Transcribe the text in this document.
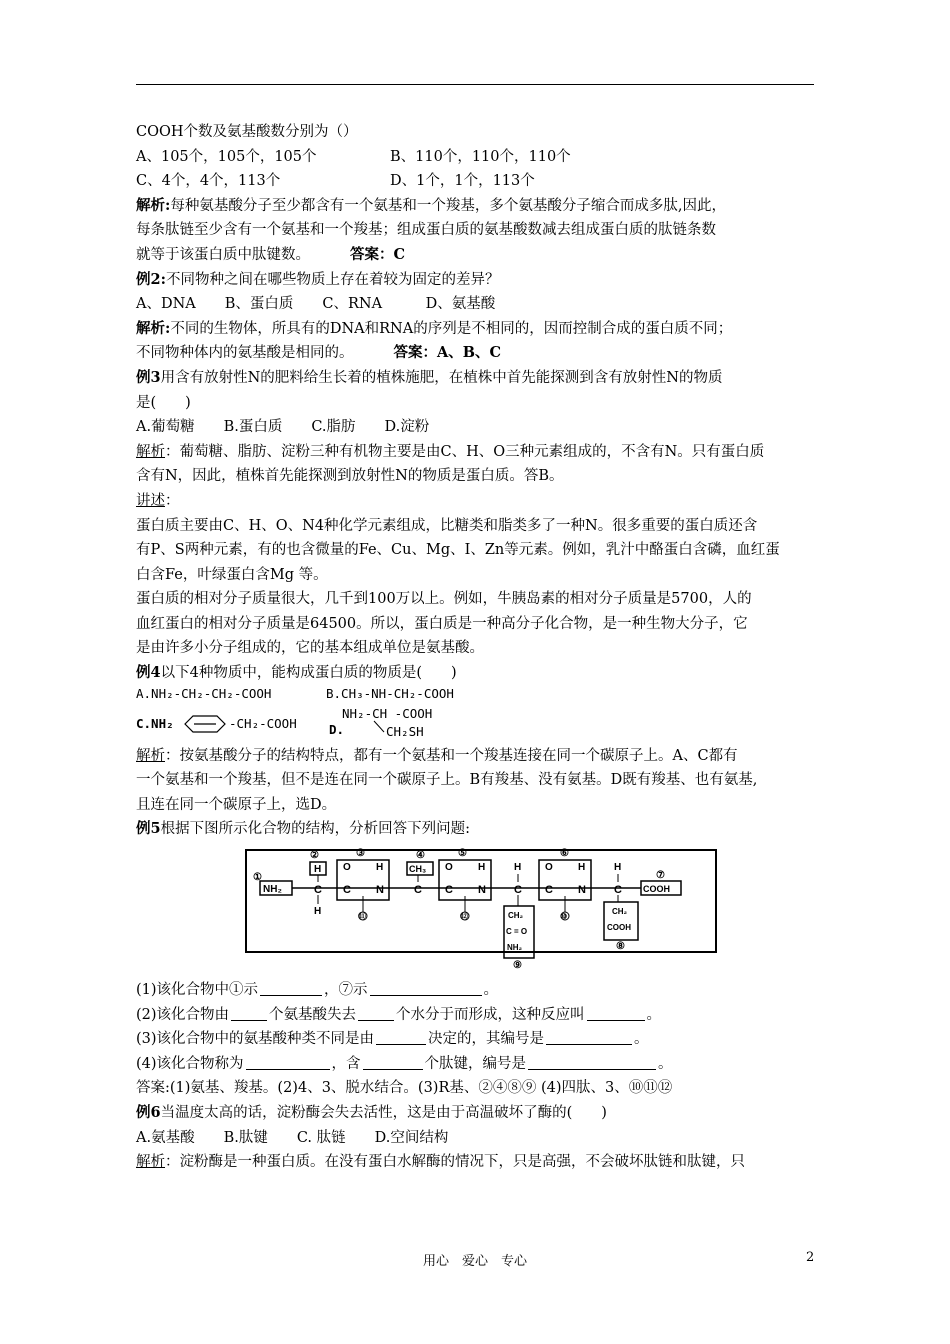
COOH个数及氨基酸数分别为（）
A、105个，105个，105个	B、110个，110个，110个
C、4个，4个，113个	D、1个，1个，113个
解析:每种氨基酸分子至少都含有一个氨基和一个羧基，多个氨基酸分子缩合而成多肽,因此，
每条肽链至少含有一个氨基和一个羧基；组成蛋白质的氨基酸数减去组成蛋白质的肽链条数
就等于该蛋白质中肽键数。	答案：C
例2:不同物种之间在哪些物质上存在着较为固定的差异？
A、DNA　　B、蛋白质　　C、RNA　　　D、氨基酸
解析:不同的生物体，所具有的DNA和RNA的序列是不相同的，因而控制合成的蛋白质不同；
不同物种体内的氨基酸是相同的。	答案：A、B、C
例3用含有放射性N的肥料给生长着的植株施肥，在植株中首先能探测到含有放射性N的物质
是(　　)
A.葡萄糖　　B.蛋白质　　C.脂肪　　D.淀粉
解析：葡萄糖、脂肪、淀粉三种有机物主要是由C、H、O三种元素组成的，不含有N。只有蛋白质
含有N，因此，植株首先能探测到放射性N的物质是蛋白质。答B。
讲述：
蛋白质主要由C、H、O、N4种化学元素组成，比糖类和脂类多了一种N。很多重要的蛋白质还含
有P、S两种元素，有的也含微量的Fe、Cu、Mg、I、Zn等元素。例如，乳汁中酪蛋白含磷，血红蛋
白含Fe，叶绿蛋白含Mg 等。
蛋白质的相对分子质量很大，几千到100万以上。例如，牛胰岛素的相对分子质量是5700，人的
血红蛋白的相对分子质量是64500。所以，蛋白质是一种高分子化合物，是一种生物大分子，它
是由许多小分子组成的，它的基本组成单位是氨基酸。
例4以下4种物质中，能构成蛋白质的物质是(　　)
A.NH₂-CH₂-CH₂-COOH	B.CH₃-NH-CH₂-COOH
C.NH₂	-CH₂-COOH	D.
NH₂-CH -COOH
CH₂SH
解析：按氨基酸分子的结构特点，都有一个氨基和一个羧基连接在同一个碳原子上。A、C都有
一个氨基和一个羧基，但不是连在同一个碳原子上。B有羧基、没有氨基。D既有羧基、也有氨基,
且连在同一个碳原子上，选D。
例5根据下图所示化合物的结构，分析回答下列问题:
NH₂
①
C
H
②
H
③
O	H
C N
⑪
C
CH₃
④	⑤
O	H
C N
⑫
C
H
CH₂
C = O
NH₂
⑨
⑥
O	H
C N
⑩
C
H
CH₂
COOH
⑧
COOH
⑦
(1)该化合物中①示	，⑦示	。
(2)该化合物由	个氨基酸失去	个水分于而形成，这种反应叫	。
(3)该化合物中的氨基酸种类不同是由	决定的，其编号是	。
(4)该化合物称为	，含	个肽键，编号是	。
答案:(1)氨基、羧基。(2)4、3、脱水结合。(3)R基、②④⑧⑨ (4)四肽、3、⑩⑪⑫
例6当温度太高的话，淀粉酶会失去活性，这是由于高温破坏了酶的(　　)
A.氨基酸　　B.肽键　　C. 肽链　　D.空间结构
解析：淀粉酶是一种蛋白质。在没有蛋白水解酶的情况下，只是高强，不会破坏肽链和肽键，只
用心　爱心　专心	2
